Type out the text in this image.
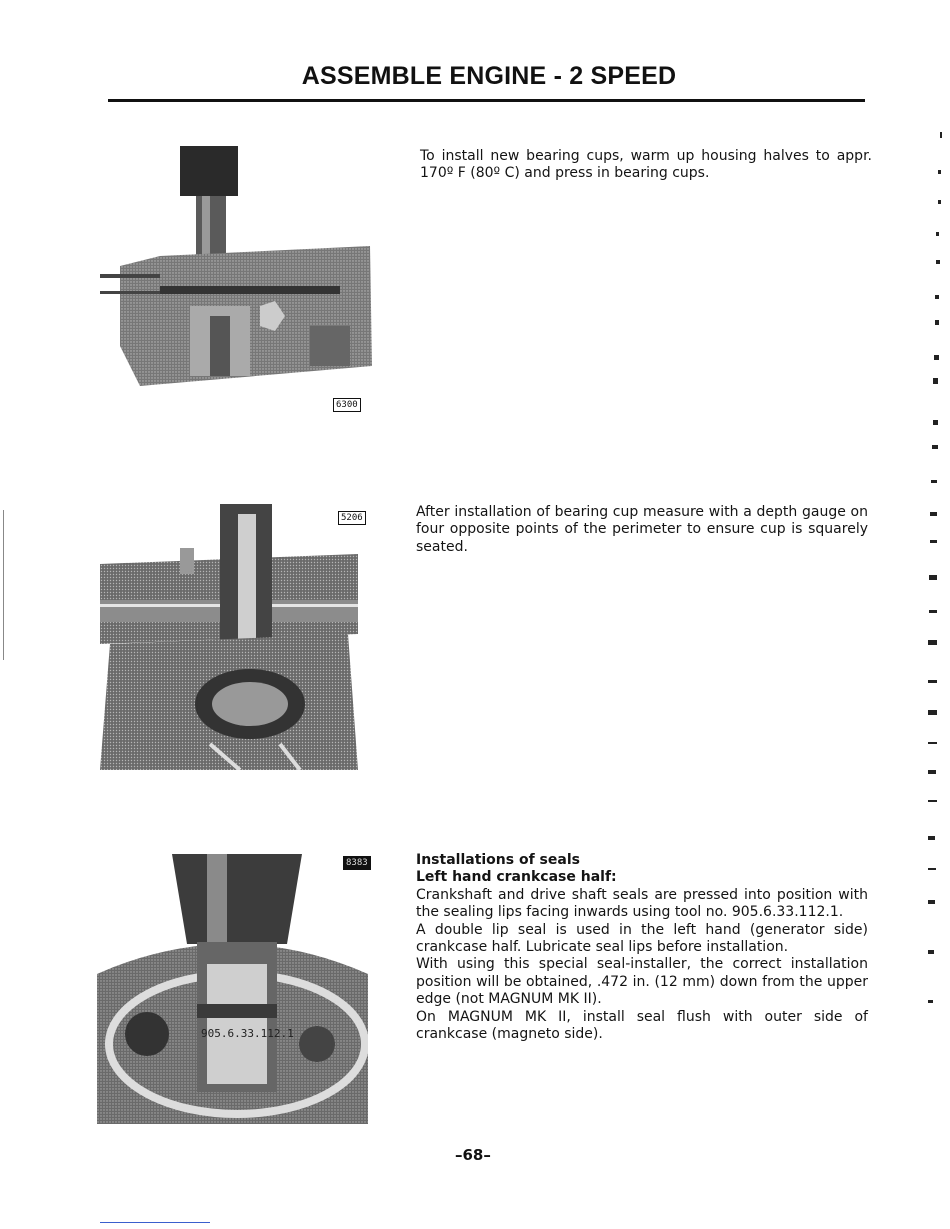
ASSEMBLE ENGINE - 2 SPEED
6300
5206
905.6.33.112.1
8383

To install new bearing cups, warm up housing halves to appr. 170º F (80º C) and press in bearing cups.

After installation of bearing cup measure with a depth gauge on four opposite points of the perimeter to ensure cup is squarely seated.

Installations of seals

Left hand crankcase half:

Crankshaft and drive shaft seals are pressed into position with the sealing lips facing inwards using tool no. 905.6.33.112.1.

A double lip seal is used in the left hand (generator side) crankcase half. Lubricate seal lips before installation.

With using this special seal-installer, the correct installation position will be obtained, .472 in. (12 mm) down from the upper edge (not MAGNUM MK II).

On MAGNUM MK II, install seal flush with outer side of crankcase (magneto side).

–68–
